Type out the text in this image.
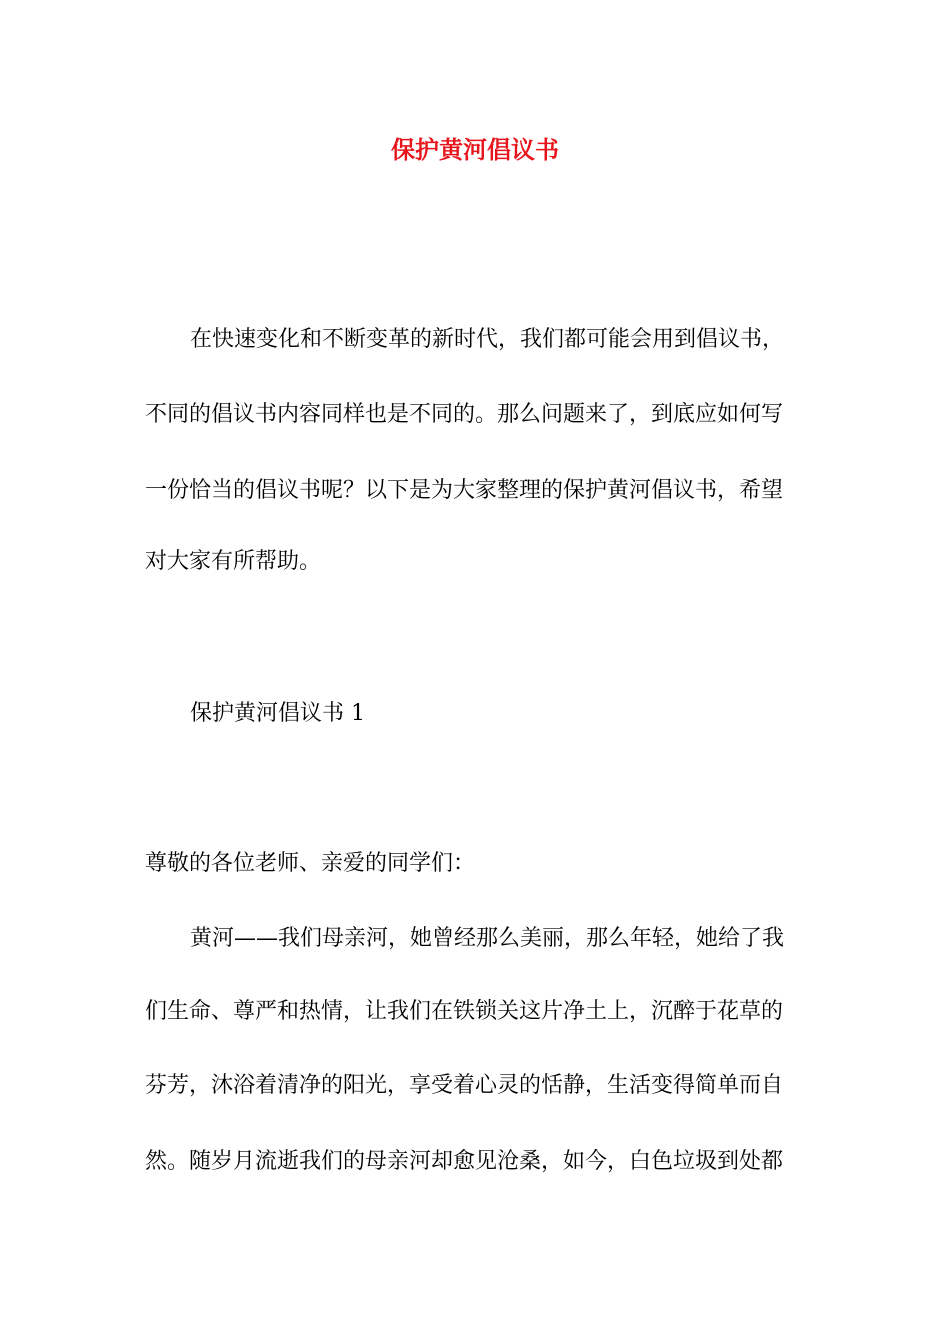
保护黄河倡议书

在快速变化和不断变革的新时代，我们都可能会用到倡议书，

不同的倡议书内容同样也是不同的。那么问题来了，到底应如何写

一份恰当的倡议书呢？以下是为大家整理的保护黄河倡议书，希望

对大家有所帮助。

保护黄河倡议书 1

尊敬的各位老师、亲爱的同学们：

黄河——我们母亲河，她曾经那么美丽，那么年轻，她给了我

们生命、尊严和热情，让我们在铁锁关这片净土上，沉醉于花草的

芬芳，沐浴着清净的阳光，享受着心灵的恬静，生活变得简单而自

然。随岁月流逝我们的母亲河却愈见沧桑，如今，白色垃圾到处都
